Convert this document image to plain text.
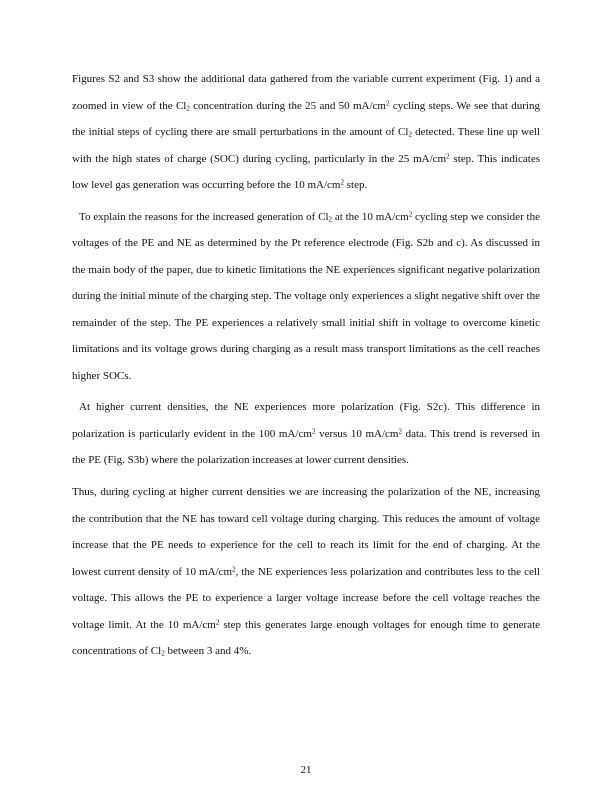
Figures S2 and S3 show the additional data gathered from the variable current experiment (Fig. 1) and a zoomed in view of the $Cl_2$ concentration during the 25 and 50 $mA/cm^2$ cycling steps. We see that during the initial steps of cycling there are small perturbations in the amount of $Cl_2$ detected. These line up well with the high states of charge (SOC) during cycling, particularly in the 25 $mA/cm^2$ step. This indicates low level gas generation was occurring before the 10 $mA/cm^2$ step.

To explain the reasons for the increased generation of $Cl_2$ at the 10 $mA/cm^2$ cycling step we consider the voltages of the PE and NE as determined by the Pt reference electrode (Fig. S2b and c). As discussed in the main body of the paper, due to kinetic limitations the NE experiences significant negative polarization during the initial minute of the charging step. The voltage only experiences a slight negative shift over the remainder of the step. The PE experiences a relatively small initial shift in voltage to overcome kinetic limitations and its voltage grows during charging as a result mass transport limitations as the cell reaches higher SOCs.

At higher current densities, the NE experiences more polarization (Fig. S2c). This difference in polarization is particularly evident in the 100 $mA/cm^2$ versus 10 $mA/cm^2$ data. This trend is reversed in the PE (Fig. S3b) where the polarization increases at lower current densities.

Thus, during cycling at higher current densities we are increasing the polarization of the NE, increasing the contribution that the NE has toward cell voltage during charging. This reduces the amount of voltage increase that the PE needs to experience for the cell to reach its limit for the end of charging. At the lowest current density of 10 $mA/cm^2$, the NE experiences less polarization and contributes less to the cell voltage. This allows the PE to experience a larger voltage increase before the cell voltage reaches the voltage limit. At the 10 $mA/cm^2$ step this generates large enough voltages for enough time to generate concentrations of $Cl_2$ between 3 and 4%.

21
